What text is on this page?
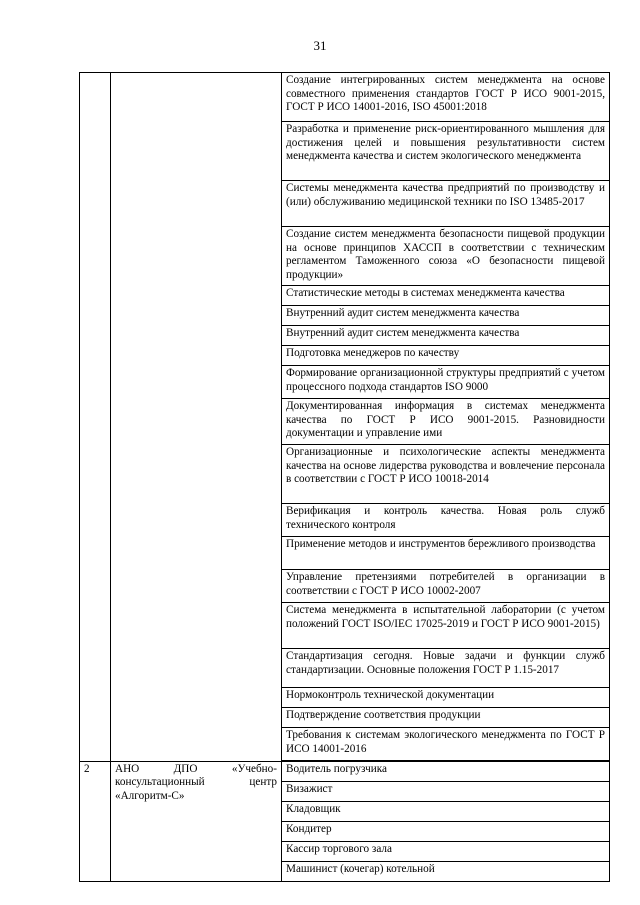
31
		Создание интегрированных систем менеджмента на основе совместного применения стандартов ГОСТ Р ИСО 9001-2015, ГОСТ Р ИСО 14001-2016, ISO 45001:2018
		Разработка и применение риск-ориентированного мышления для достижения целей и повышения результативности систем менеджмента качества и систем экологического менеджмента
		Системы менеджмента качества предприятий по производству и (или) обслуживанию медицинской техники по ISO 13485-2017
		Создание систем менеджмента безопасности пищевой продукции на основе принципов ХАССП в соответствии с техническим регламентом Таможенного союза «О безопасности пищевой продукции»
		Статистические методы в системах менеджмента качества
		Внутренний аудит систем менеджмента качества
		Внутренний аудит систем менеджмента качества
		Подготовка менеджеров по качеству
		Формирование организационной структуры предприятий с учетом процессного подхода стандартов ISO 9000
		Документированная информация в системах менеджмента качества по ГОСТ Р ИСО 9001-2015. Разновидности документации и управление ими
		Организационные и психологические аспекты менеджмента качества на основе лидерства руководства и вовлечение персонала в соответствии с ГОСТ Р ИСО 10018-2014
		Верификация и контроль качества. Новая роль служб технического контроля
		Применение методов и инструментов бережливого производства
		Управление претензиями потребителей в организации в соответствии с ГОСТ Р ИСО 10002-2007
		Система менеджмента в испытательной лаборатории (с учетом положений ГОСТ ISO/IEC 17025-2019 и ГОСТ Р ИСО 9001-2015)
		Стандартизация сегодня. Новые задачи и функции служб стандартизации. Основные положения ГОСТ Р 1.15-2017
		Нормоконтроль технической документации
		Подтверждение соответствия продукции
		Требования к системам экологического менеджмента по ГОСТ Р ИСО 14001-2016
2	АНО ДПО «Учебно-консультационный центр «Алгоритм-С»	Водитель погрузчика
		Визажист
		Кладовщик
		Кондитер
		Кассир торгового зала
		Машинист (кочегар) котельной
